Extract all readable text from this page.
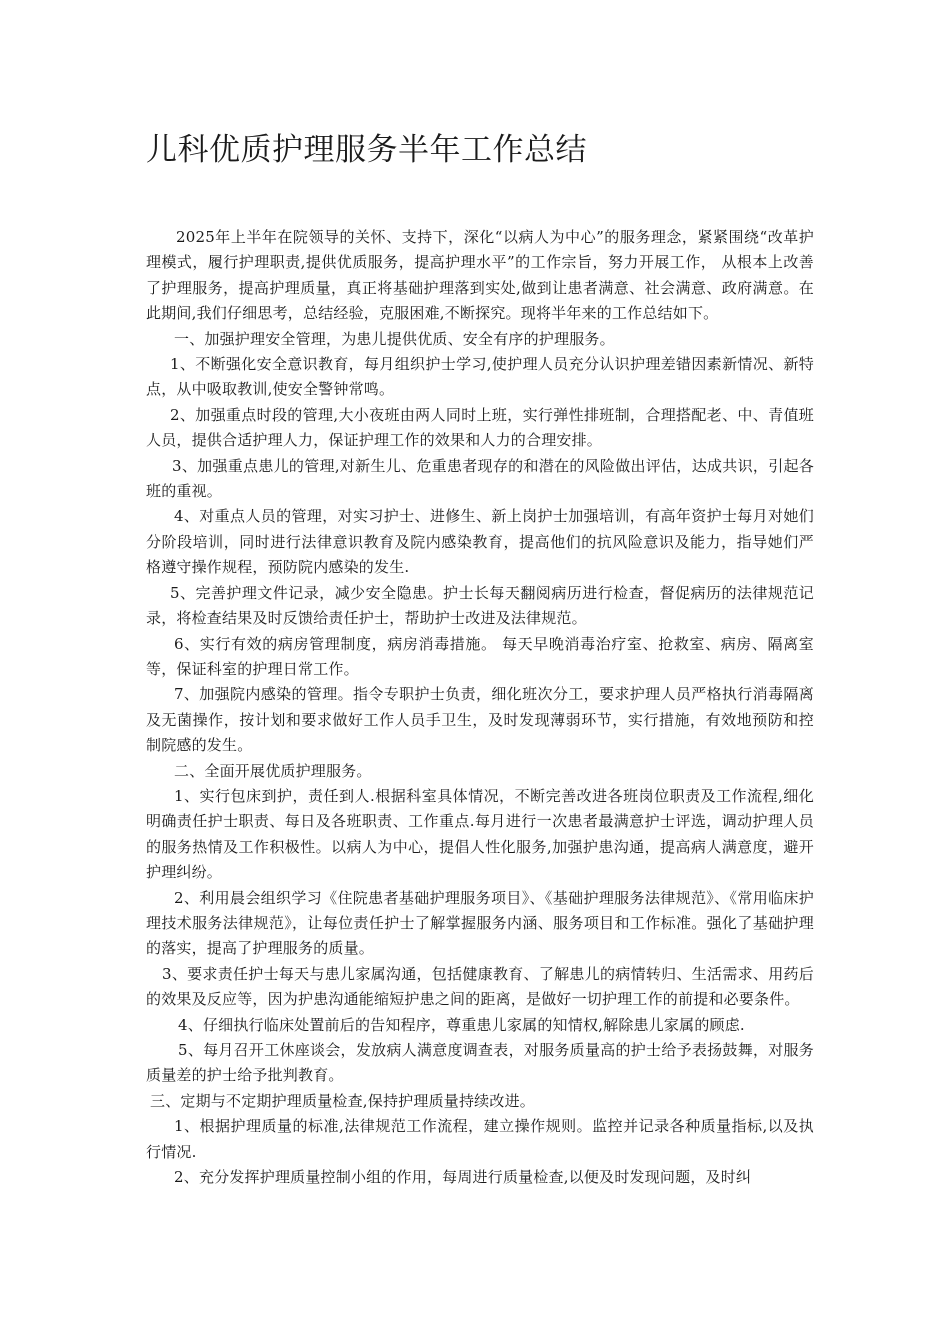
儿科优质护理服务半年工作总结

2025年上半年在院领导的关怀、支持下，深化“以病人为中心”的服务理念，紧紧围绕“改革护理模式，履行护理职责,提供优质服务，提高护理水平”的工作宗旨，努力开展工作， 从根本上改善了护理服务，提高护理质量，真正将基础护理落到实处,做到让患者满意、社会满意、政府满意。在此期间,我们仔细思考，总结经验，克服困难,不断探究。现将半年来的工作总结如下。

一、加强护理安全管理，为患儿提供优质、安全有序的护理服务。

1、不断强化安全意识教育，每月组织护士学习,使护理人员充分认识护理差错因素新情况、新特点，从中吸取教训,使安全警钟常鸣。

2、加强重点时段的管理,大小夜班由两人同时上班，实行弹性排班制，合理搭配老、中、青值班人员，提供合适护理人力，保证护理工作的效果和人力的合理安排。

3、加强重点患儿的管理,对新生儿、危重患者现存的和潜在的风险做出评估，达成共识，引起各班的重视。

4、对重点人员的管理，对实习护士、进修生、新上岗护士加强培训，有高年资护士每月对她们分阶段培训，同时进行法律意识教育及院内感染教育，提高他们的抗风险意识及能力，指导她们严格遵守操作规程，预防院内感染的发生.

5、完善护理文件记录，减少安全隐患。护士长每天翻阅病历进行检查，督促病历的法律规范记录，将检查结果及时反馈给责任护士，帮助护士改进及法律规范。

6、实行有效的病房管理制度，病房消毒措施。 每天早晚消毒治疗室、抢救室、病房、隔离室等，保证科室的护理日常工作。

7、加强院内感染的管理。指令专职护士负责，细化班次分工，要求护理人员严格执行消毒隔离及无菌操作，按计划和要求做好工作人员手卫生，及时发现薄弱环节，实行措施，有效地预防和控制院感的发生。

二、全面开展优质护理服务。

1、实行包床到护，责任到人.根据科室具体情况，不断完善改进各班岗位职责及工作流程,细化明确责任护士职责、每日及各班职责、工作重点.每月进行一次患者最满意护士评选，调动护理人员的服务热情及工作积极性。以病人为中心，提倡人性化服务,加强护患沟通，提高病人满意度，避开护理纠纷。

2、利用晨会组织学习《住院患者基础护理服务项目》、《基础护理服务法律规范》、《常用临床护理技术服务法律规范》，让每位责任护士了解掌握服务内涵、服务项目和工作标准。强化了基础护理的落实，提高了护理服务的质量。

3、要求责任护士每天与患儿家属沟通，包括健康教育、了解患儿的病情转归、生活需求、用药后的效果及反应等，因为护患沟通能缩短护患之间的距离，是做好一切护理工作的前提和必要条件。

4、仔细执行临床处置前后的告知程序，尊重患儿家属的知情权,解除患儿家属的顾虑.

5、每月召开工休座谈会，发放病人满意度调查表，对服务质量高的护士给予表扬鼓舞，对服务质量差的护士给予批判教育。

三、定期与不定期护理质量检查,保持护理质量持续改进。

1、根据护理质量的标准,法律规范工作流程，建立操作规则。监控并记录各种质量指标,以及执行情况.

2、充分发挥护理质量控制小组的作用，每周进行质量检查,以便及时发现问题，及时纠
